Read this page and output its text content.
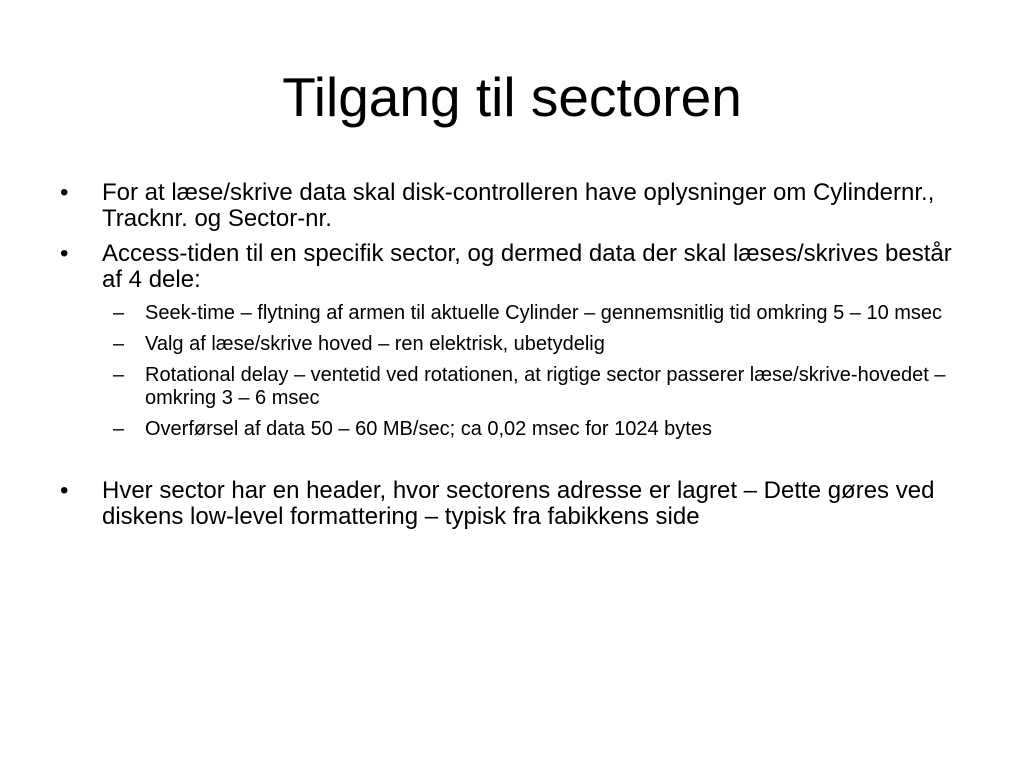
Tilgang til sectoren
•	For at læse/skrive data skal disk-controlleren have oplysninger om Cylindernr., Tracknr. og Sector-nr.
•	Access-tiden til en specifik sector, og dermed data der skal læses/skrives består af 4 dele:
– Seek-time – flytning af armen til aktuelle Cylinder – gennemsnitlig tid omkring 5 – 10 msec
– Valg af læse/skrive hoved – ren elektrisk, ubetydelig
– Rotational delay – ventetid ved rotationen, at rigtige sector passerer læse/skrive-hovedet – omkring 3 – 6 msec
– Overførsel af data 50 – 60 MB/sec; ca 0,02 msec for 1024 bytes
•	Hver sector har en header, hvor sectorens adresse er lagret – Dette gøres ved diskens low-level formattering – typisk fra fabikkens side
